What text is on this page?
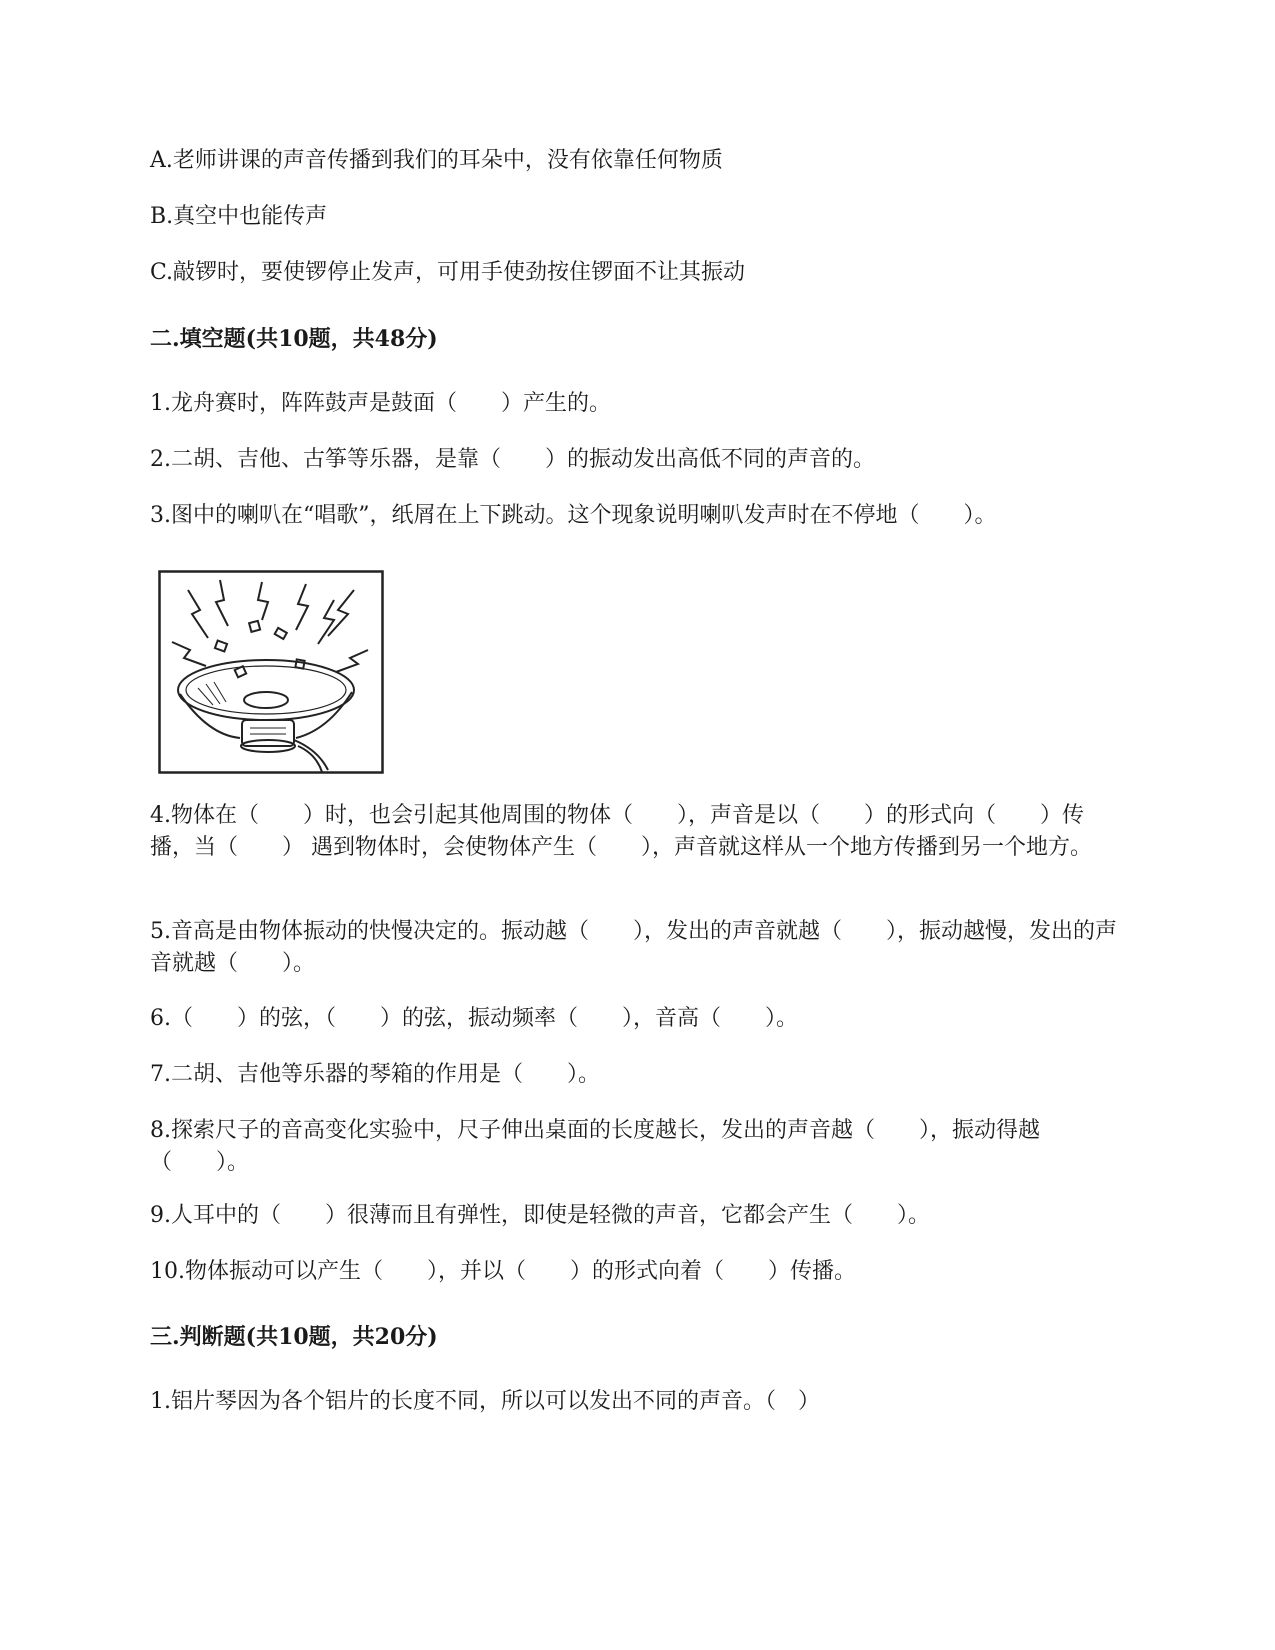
A.老师讲课的声音传播到我们的耳朵中，没有依靠任何物质
B.真空中也能传声
C.敲锣时，要使锣停止发声，可用手使劲按住锣面不让其振动
二.填空题(共10题，共48分)
1.龙舟赛时，阵阵鼓声是鼓面（　　）产生的。
2.二胡、吉他、古筝等乐器，是靠（　　）的振动发出高低不同的声音的。
3.图中的喇叭在“唱歌”，纸屑在上下跳动。这个现象说明喇叭发声时在不停地（　　）。
4.物体在（　　）时，也会引起其他周围的物体（　　），声音是以（　　）的形式向（　　）传播，当（　　） 遇到物体时，会使物体产生（　　），声音就这样从一个地方传播到另一个地方。
5.音高是由物体振动的快慢决定的。振动越（　　），发出的声音就越（　　），振动越慢，发出的声音就越（　　）。
6.（　　）的弦，（　　）的弦，振动频率（　　），音高（　　）。
7.二胡、吉他等乐器的琴箱的作用是（　　）。
8.探索尺子的音高变化实验中，尺子伸出桌面的长度越长，发出的声音越（　　），振动得越（　　）。
9.人耳中的（　　）很薄而且有弹性，即使是轻微的声音，它都会产生（　　）。
10.物体振动可以产生（　　），并以（　　）的形式向着（　　）传播。
三.判断题(共10题，共20分)
1.铝片琴因为各个铝片的长度不同，所以可以发出不同的声音。（　）
